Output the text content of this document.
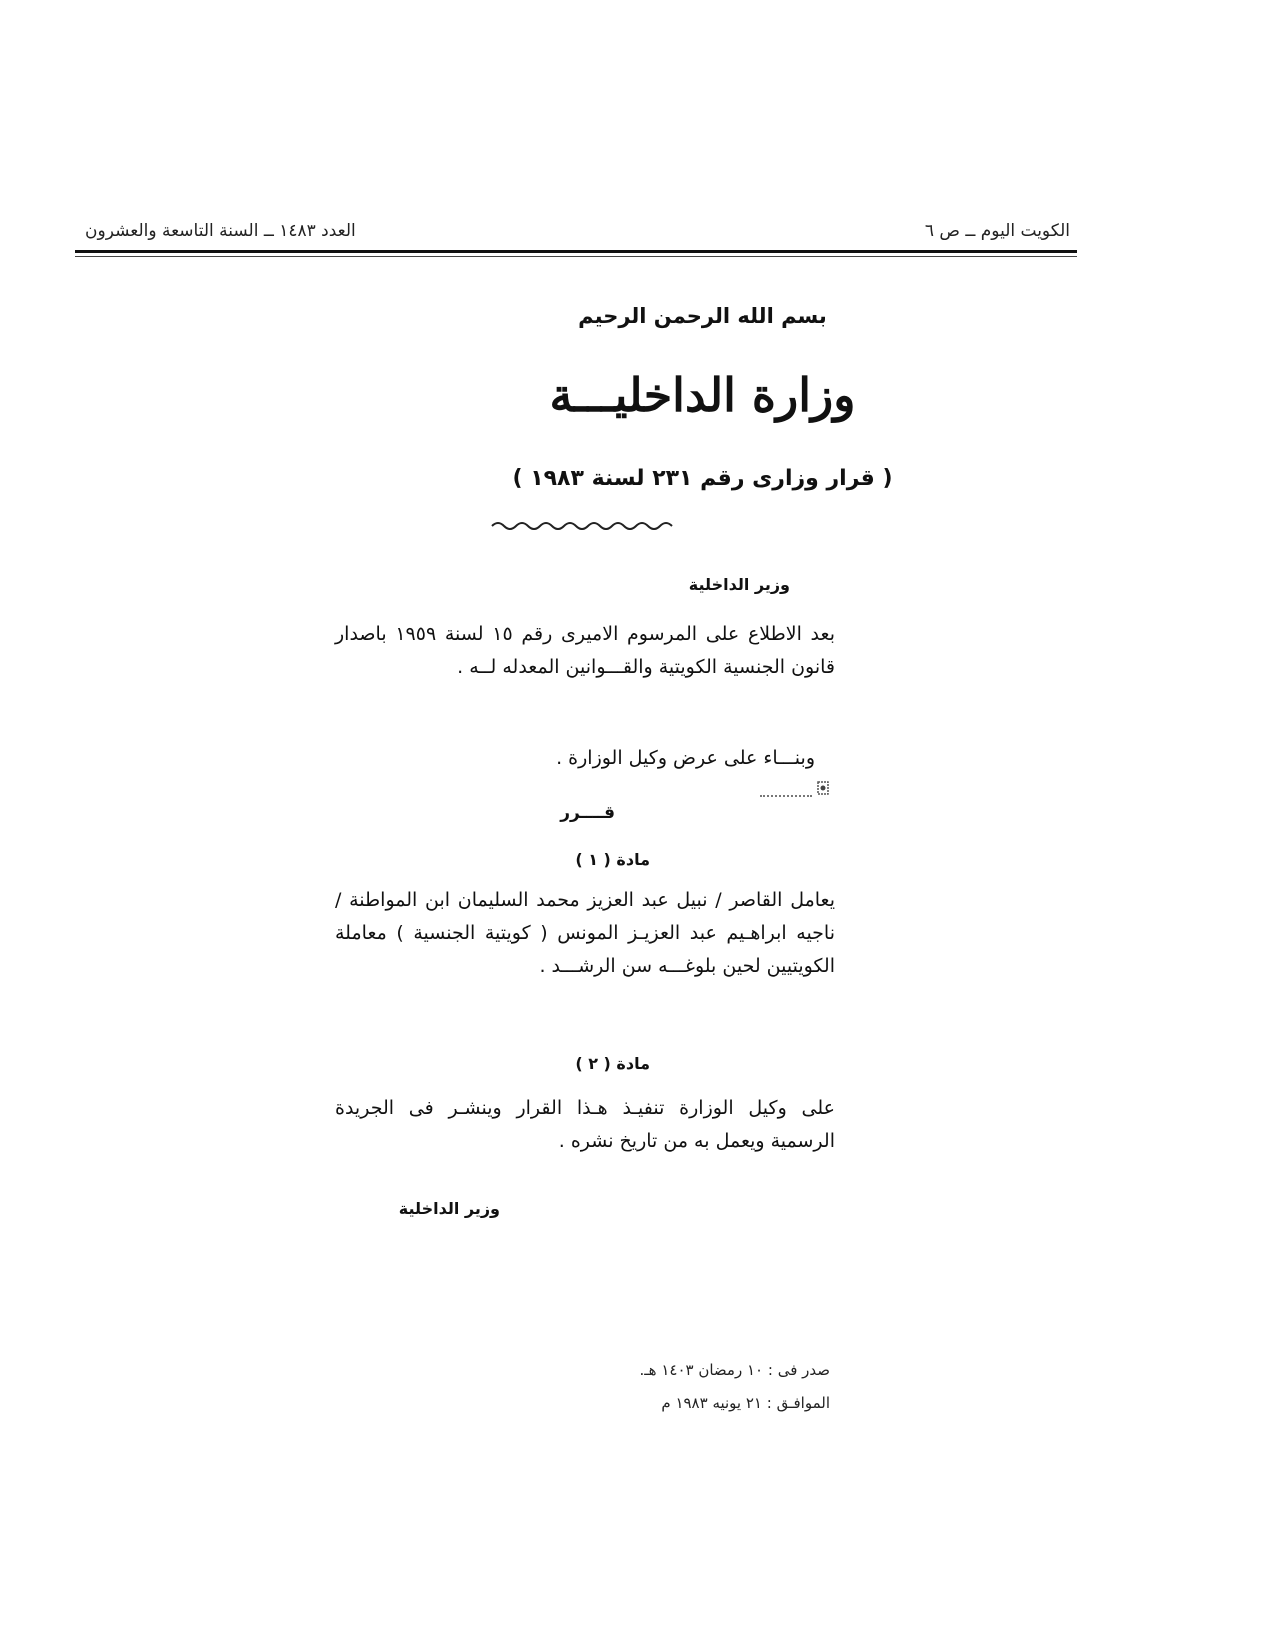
الكويت اليوم ــ ص ٦
العدد ١٤٨٣ ــ السنة التاسعة والعشرون
بسم الله الرحمن الرحيم
وزارة الداخليـــة
( قرار وزارى رقم ٢٣١ لسنة ١٩٨٣ )
وزير الداخلية
بعد الاطلاع على المرسوم الاميرى رقم ١٥ لسنة ١٩٥٩ باصدار قانون الجنسية الكويتية والقـــوانين المعدله لــه .
وبنـــاء على عرض وكيل الوزارة .
قــــرر
مادة ( ١ )
يعامل القاصر / نبيل عبد العزيز محمد السليمان ابن المواطنة / ناجيه ابراهـيم عبد العزيـز المونس ( كويتية الجنسية ) معاملة الكويتيين لحين بلوغـــه سن الرشـــد .
مادة ( ٢ )
على وكيل الوزارة تنفيـذ هـذا القرار وينشـر فى الجريدة الرسمية ويعمل به من تاريخ نشره .
وزير الداخلية
صدر فى : ١٠ رمضان ١٤٠٣ هـ.
الموافـق : ٢١ يونيه ١٩٨٣ م
